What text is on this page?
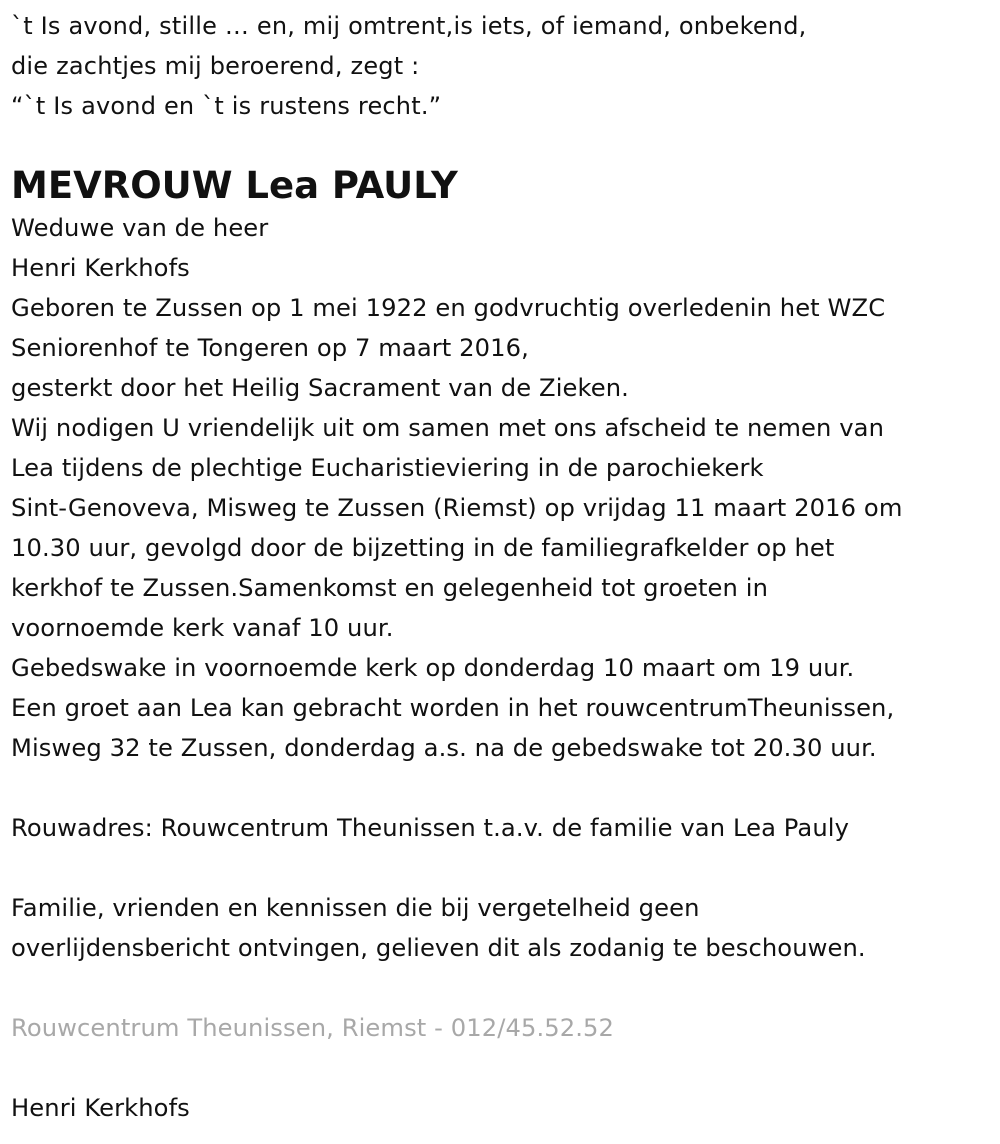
`t Is avond, stille … en, mij omtrent,is iets, of iemand, onbekend,
die zachtjes mij beroerend, zegt :
“`t Is avond en `t is rustens recht.”
MEVROUW Lea PAULY
Weduwe van de heer
Henri Kerkhofs
Geboren te Zussen op 1 mei 1922 en godvruchtig overledenin het WZC
Seniorenhof te Tongeren op 7 maart 2016,
gesterkt door het Heilig Sacrament van de Zieken.
Wij nodigen U vriendelijk uit om samen met ons afscheid te nemen van
Lea tijdens de plechtige Eucharistieviering in de parochiekerk
Sint-Genoveva, Misweg te Zussen (Riemst) op vrijdag 11 maart 2016 om
10.30 uur, gevolgd door de bijzetting in de familiegrafkelder op het
kerkhof te Zussen.Samenkomst en gelegenheid tot groeten in
voornoemde kerk vanaf 10 uur.
Gebedswake in voornoemde kerk op donderdag 10 maart om 19 uur.
Een groet aan Lea kan gebracht worden in het rouwcentrumTheunissen,
Misweg 32 te Zussen, donderdag a.s. na de gebedswake tot 20.30 uur.
Rouwadres: Rouwcentrum Theunissen t.a.v. de familie van Lea Pauly
Familie, vrienden en kennissen die bij vergetelheid geen
overlijdensbericht ontvingen, gelieven dit als zodanig te beschouwen.
Rouwcentrum Theunissen, Riemst - 012/45.52.52
Henri Kerkhofs
